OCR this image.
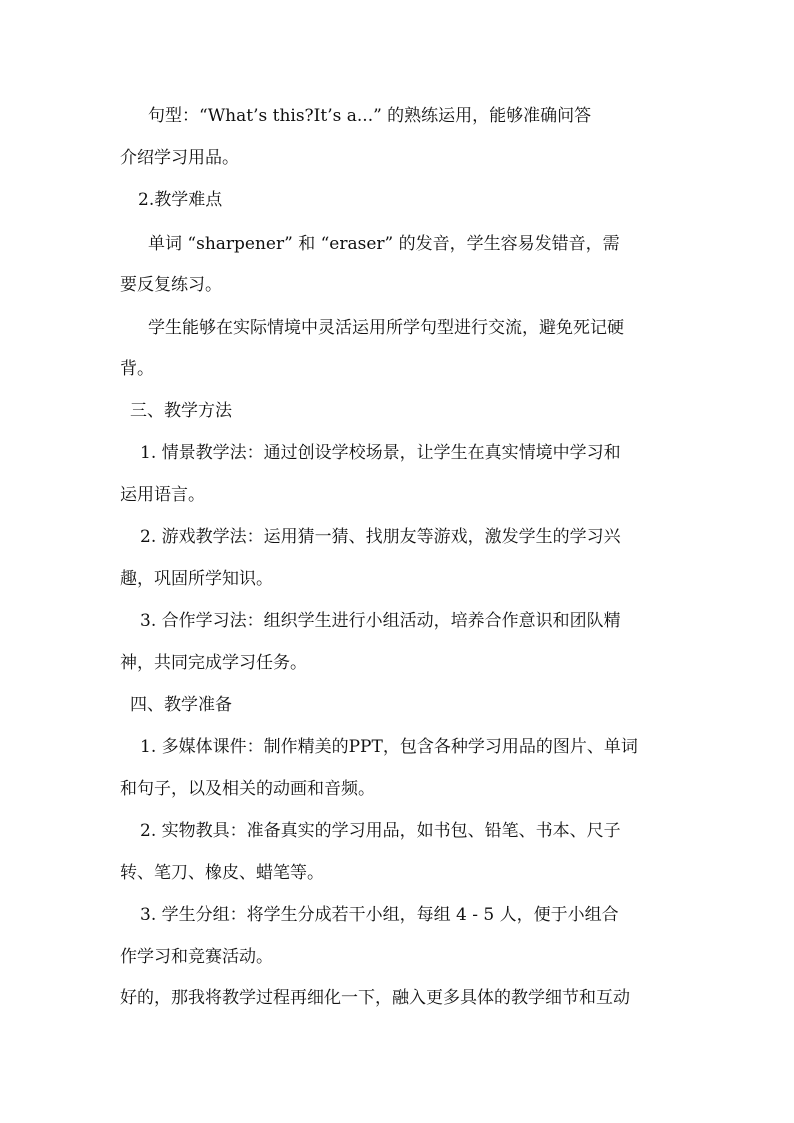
句型：“What’s this?It’s a...” 的熟练运用，能够准确问答
介绍学习用品。
2.教学难点
单词 “sharpener” 和 “eraser” 的发音，学生容易发错音，需
要反复练习。
学生能够在实际情境中灵活运用所学句型进行交流，避免死记硬
背。
三、教学方法
1. 情景教学法：通过创设学校场景，让学生在真实情境中学习和
运用语言。
2. 游戏教学法：运用猜一猜、找朋友等游戏，激发学生的学习兴
趣，巩固所学知识。
3. 合作学习法：组织学生进行小组活动，培养合作意识和团队精
神，共同完成学习任务。
四、教学准备
1. 多媒体课件：制作精美的PPT，包含各种学习用品的图片、单词
和句子，以及相关的动画和音频。
2. 实物教具：准备真实的学习用品，如书包、铅笔、书本、尺子
转、笔刀、橡皮、蜡笔等。
3. 学生分组：将学生分成若干小组，每组 4 - 5 人，便于小组合
作学习和竞赛活动。
好的，那我将教学过程再细化一下，融入更多具体的教学细节和互动
